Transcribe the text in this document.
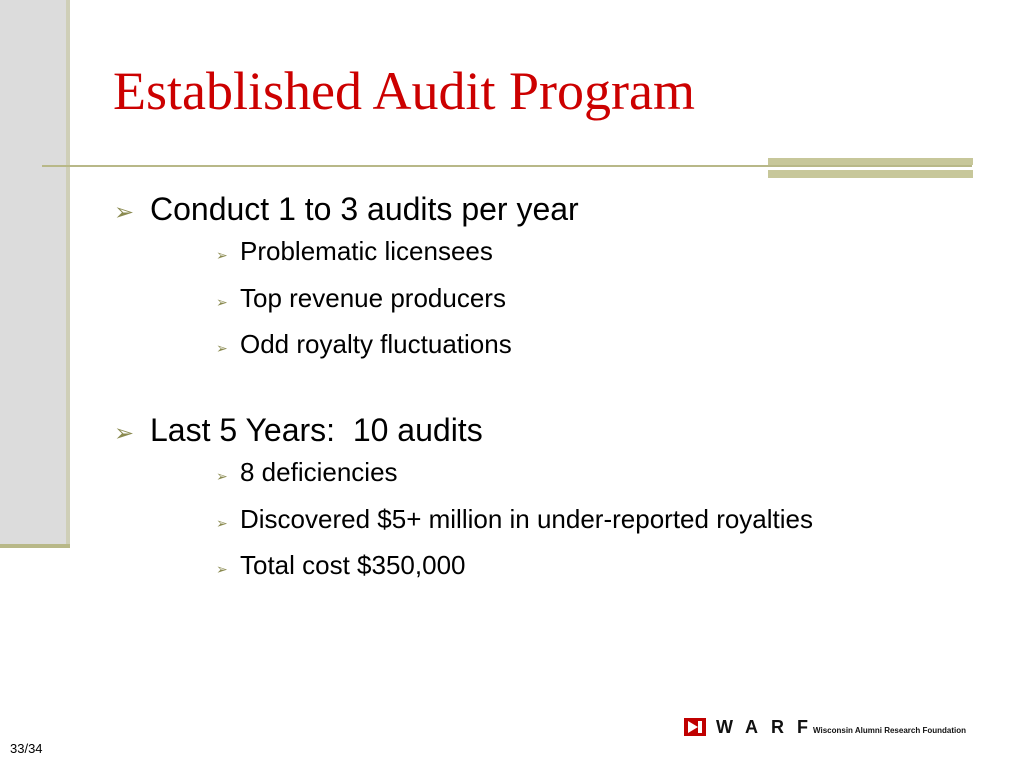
Established Audit Program
➢ Conduct 1 to 3 audits per year
➢ Problematic licensees
➢ Top revenue producers
➢ Odd royalty fluctuations
➢ Last 5 Years:  10 audits
➢ 8 deficiencies
➢ Discovered $5+ million in under-reported royalties
➢ Total cost $350,000
33/34
WARF
Wisconsin Alumni Research Foundation
